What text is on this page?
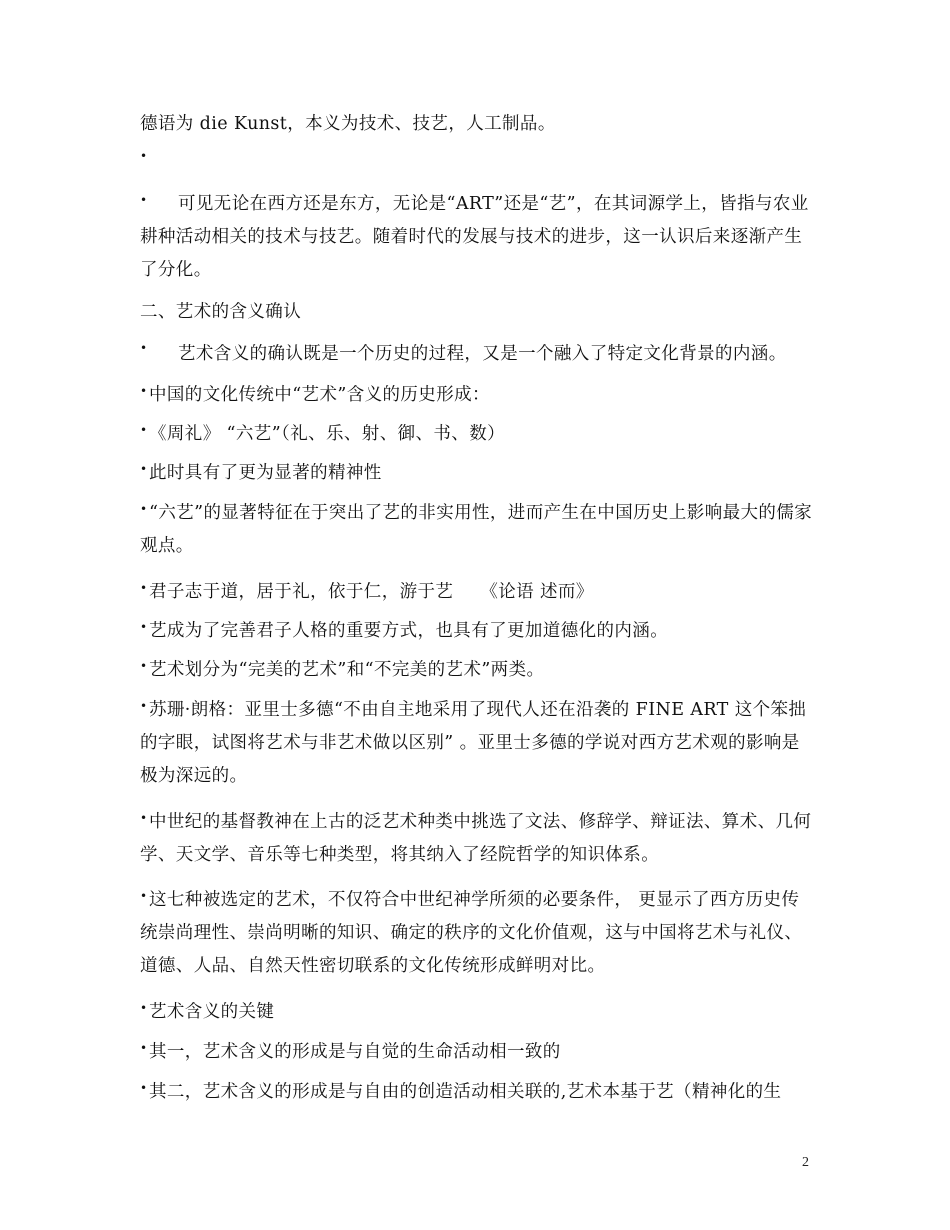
德语为 die Kunst，本义为技术、技艺，人工制品。
•
•	可见无论在西方还是东方，无论是“ART”还是“艺”，在其词源学上，皆指与农业耕种活动相关的技术与技艺。随着时代的发展与技术的进步，这一认识后来逐渐产生了分化。
二、艺术的含义确认
•	艺术含义的确认既是一个历史的过程，又是一个融入了特定文化背景的内涵。
• 中国的文化传统中“艺术”含义的历史形成：
• 《周礼》 “六艺”（礼、乐、射、御、书、数）
• 此时具有了更为显著的精神性
• “六艺”的显著特征在于突出了艺的非实用性，进而产生在中国历史上影响最大的儒家观点。
• 君子志于道，居于礼，依于仁，游于艺　　《论语 述而》
• 艺成为了完善君子人格的重要方式，也具有了更加道德化的内涵。
• 艺术划分为“完美的艺术”和“不完美的艺术”两类。
• 苏珊·朗格：亚里士多德“不由自主地采用了现代人还在沿袭的 FINE ART 这个笨拙的字眼，试图将艺术与非艺术做以区别” 。亚里士多德的学说对西方艺术观的影响是极为深远的。
• 中世纪的基督教神在上古的泛艺术种类中挑选了文法、修辞学、辩证法、算术、几何学、天文学、音乐等七种类型，将其纳入了经院哲学的知识体系。
• 这七种被选定的艺术，不仅符合中世纪神学所须的必要条件， 更显示了西方历史传统崇尚理性、崇尚明晰的知识、确定的秩序的文化价值观，这与中国将艺术与礼仪、道德、人品、自然天性密切联系的文化传统形成鲜明对比。
• 艺术含义的关键
• 其一，艺术含义的形成是与自觉的生命活动相一致的
• 其二，艺术含义的形成是与自由的创造活动相关联的,艺术本基于艺（精神化的生
2
